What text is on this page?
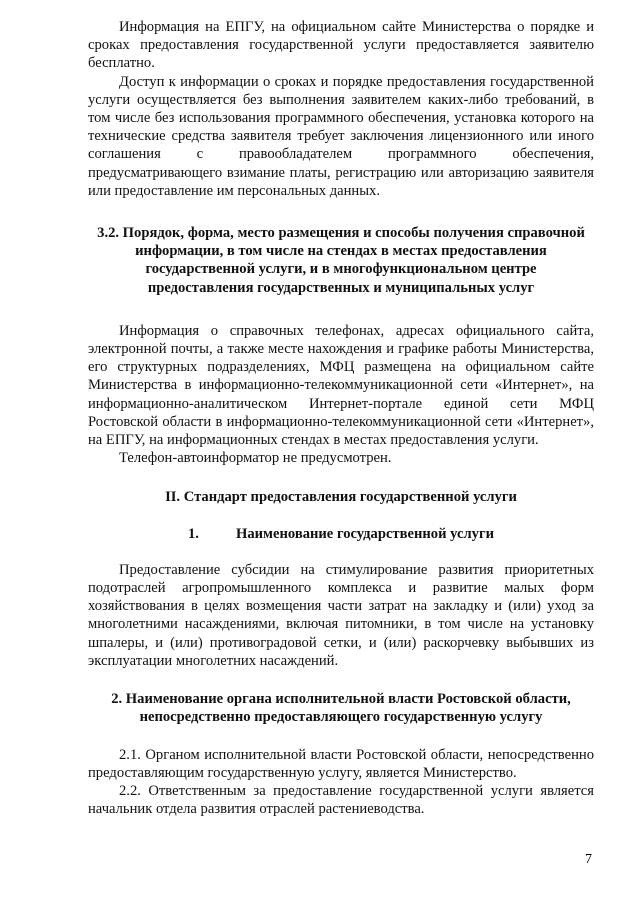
Информация на ЕПГУ, на официальном сайте Министерства о порядке и сроках предоставления государственной услуги предоставляется заявителю бесплатно.

Доступ к информации о сроках и порядке предоставления государственной услуги осуществляется без выполнения заявителем каких-либо требований, в том числе без использования программного обеспечения, установка которого на технические средства заявителя требует заключения лицензионного или иного соглашения с правообладателем программного обеспечения, предусматривающего взимание платы, регистрацию или авторизацию заявителя или предоставление им персональных данных.

3.2. Порядок, форма, место размещения и способы получения справочной информации, в том числе на стендах в местах предоставления государственной услуги, и в многофункциональном центре предоставления государственных и муниципальных услуг

Информация о справочных телефонах, адресах официального сайта, электронной почты, а также месте нахождения и графике работы Министерства, его структурных подразделениях, МФЦ размещена на официальном сайте Министерства в информационно-телекоммуникационной сети «Интернет», на информационно-аналитическом Интернет-портале единой сети МФЦ Ростовской области в информационно-телекоммуникационной сети «Интернет», на ЕПГУ, на информационных стендах в местах предоставления услуги.

Телефон-автоинформатор не предусмотрен.

II. Стандарт предоставления государственной услуги

1.	Наименование государственной услуги

Предоставление субсидии на стимулирование развития приоритетных подотраслей агропромышленного комплекса и развитие малых форм хозяйствования в целях возмещения части затрат на закладку и (или) уход за многолетними насаждениями, включая питомники, в том числе на установку шпалеры, и (или) противоградовой сетки, и (или) раскорчевку выбывших из эксплуатации многолетних насаждений.

2. Наименование органа исполнительной власти Ростовской области, непосредственно предоставляющего государственную услугу

2.1. Органом исполнительной власти Ростовской области, непосредственно предоставляющим государственную услугу, является Министерство.

2.2. Ответственным за предоставление государственной услуги является начальник отдела развития отраслей растениеводства.

7
